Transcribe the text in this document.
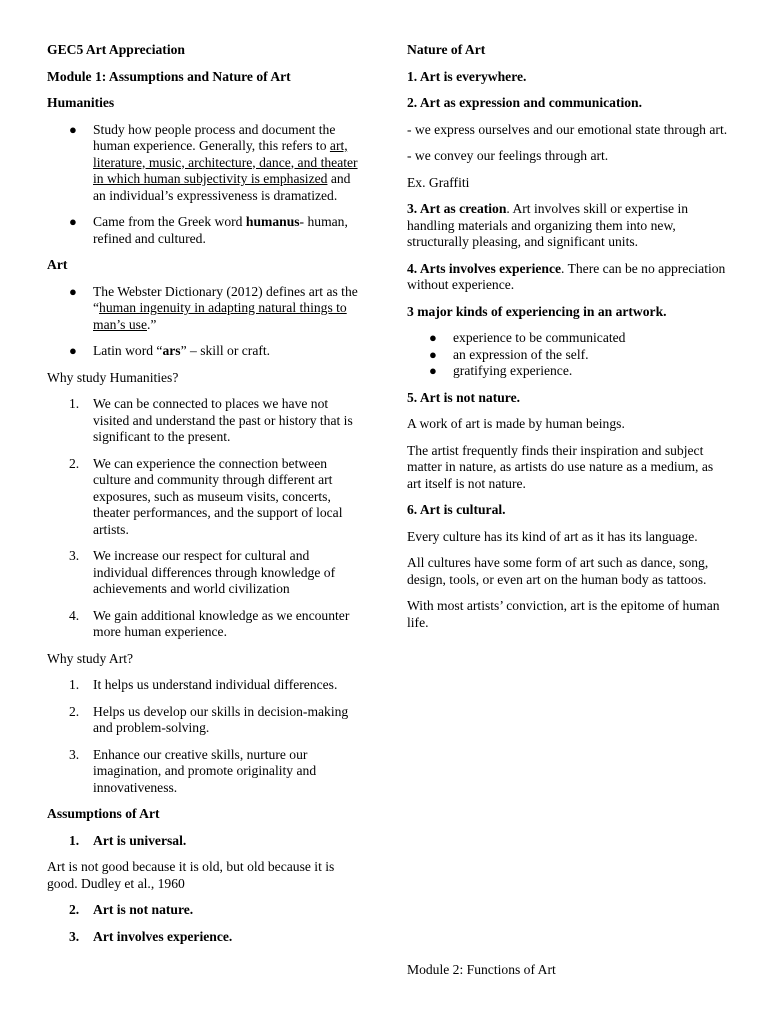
GEC5 Art Appreciation

Module 1: Assumptions and Nature of Art

Humanities

● Study how people process and document the human experience. Generally, this refers to art, literature, music, architecture, dance, and theater in which human subjectivity is emphasized and an individual’s expressiveness is dramatized.
● Came from the Greek word humanus- human, refined and cultured.

Art

● The Webster Dictionary (2012) defines art as the “human ingenuity in adapting natural things to man’s use.”
● Latin word “ars” – skill or craft.

Why study Humanities?

1. We can be connected to places we have not visited and understand the past or history that is significant to the present.
2. We can experience the connection between culture and community through different art exposures, such as museum visits, concerts, theater performances, and the support of local artists.
3. We increase our respect for cultural and individual differences through knowledge of achievements and world civilization
4. We gain additional knowledge as we encounter more human experience.

Why study Art?

1. It helps us understand individual differences.
2. Helps us develop our skills in decision-making and problem-solving.
3. Enhance our creative skills, nurture our imagination, and promote originality and innovativeness.

Assumptions of Art

1. Art is universal.

Art is not good because it is old, but old because it is good. Dudley et al., 1960

2. Art is not nature.
3. Art involves experience.

Nature of Art

1. Art is everywhere.

2. Art as expression and communication.

- we express ourselves and our emotional state through art.

- we convey our feelings through art.

Ex. Graffiti

3. Art as creation. Art involves skill or expertise in handling materials and organizing them into new, structurally pleasing, and significant units.

4. Arts involves experience. There can be no appreciation without experience.

3 major kinds of experiencing in an artwork.

● experience to be communicated
● an expression of the self.
● gratifying experience.

5. Art is not nature.

A work of art is made by human beings.

The artist frequently finds their inspiration and subject matter in nature, as artists do use nature as a medium, as art itself is not nature.

6. Art is cultural.

Every culture has its kind of art as it has its language.

All cultures have some form of art such as dance, song, design, tools, or even art on the human body as tattoos.

With most artists’ conviction, art is the epitome of human life.

Module 2: Functions of Art
